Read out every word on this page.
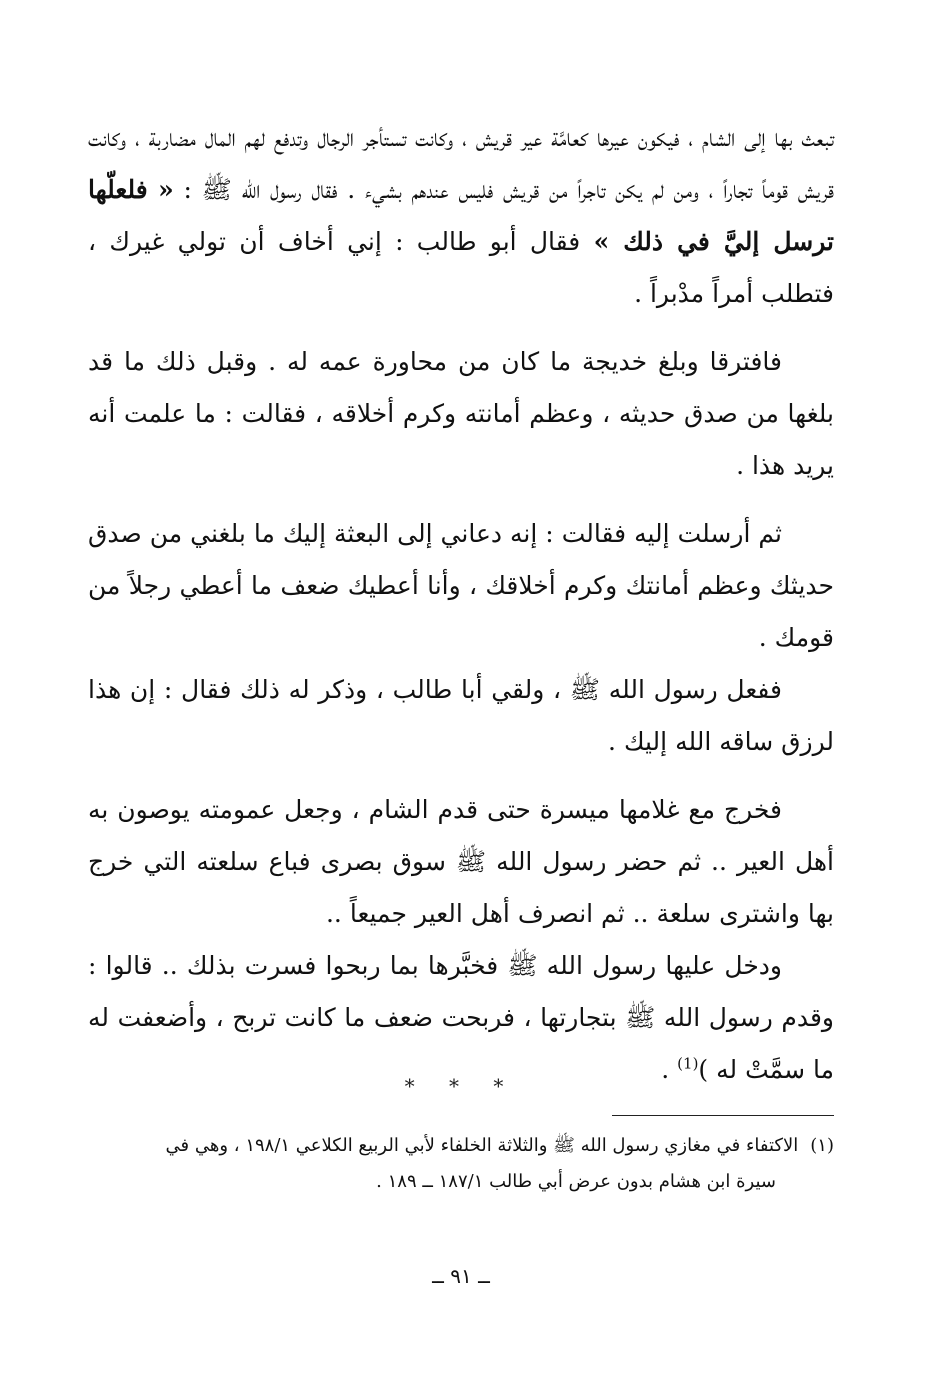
تبعث بها إلى الشام ، فيكون عيرها كعامَّة عير قريش ، وكانت تستأجر الرجال وتدفع لهم المال مضاربة ، وكانت قريش قوماً تجاراً ، ومن لم يكن تاجراً من قريش فليس عندهم بشيء . فقال رسول الله ﷺ : « فلعلّها ترسل إليَّ في ذلك » فقال أبو طالب : إني أخاف أن تولي غيرك ، فتطلب أمراً مدْبراً .

فافترقا وبلغ خديجة ما كان من محاورة عمه له . وقبل ذلك ما قد بلغها من صدق حديثه ، وعظم أمانته وكرم أخلاقه ، فقالت : ما علمت أنه يريد هذا .

ثم أرسلت إليه فقالت : إنه دعاني إلى البعثة إليك ما بلغني من صدق حديثك وعظم أمانتك وكرم أخلاقك ، وأنا أعطيك ضعف ما أعطي رجلاً من قومك .

ففعل رسول الله ﷺ ، ولقي أبا طالب ، وذكر له ذلك فقال : إن هذا لرزق ساقه الله إليك .

فخرج مع غلامها ميسرة حتى قدم الشام ، وجعل عمومته يوصون به أهل العير .. ثم حضر رسول الله ﷺ سوق بصرى فباع سلعته التي خرج بها واشترى سلعة .. ثم انصرف أهل العير جميعاً ..

ودخل عليها رسول الله ﷺ فخبَّرها بما ربحوا فسرت بذلك .. قالوا : وقدم رسول الله ﷺ بتجارتها ، فربحت ضعف ما كانت تربح ، وأضعفت له ما سمَّتْ له )$^{(1)}$ .

* * *
(١)الاكتفاء في مغازي رسول الله ﷺ والثلاثة الخلفاء لأبي الربيع الكلاعي ١٩٨/١ ، وهي في
سيرة ابن هشام بدون عرض أبي طالب ١٨٧/١ ــ ١٨٩ .
ــ ٩١ ــ
